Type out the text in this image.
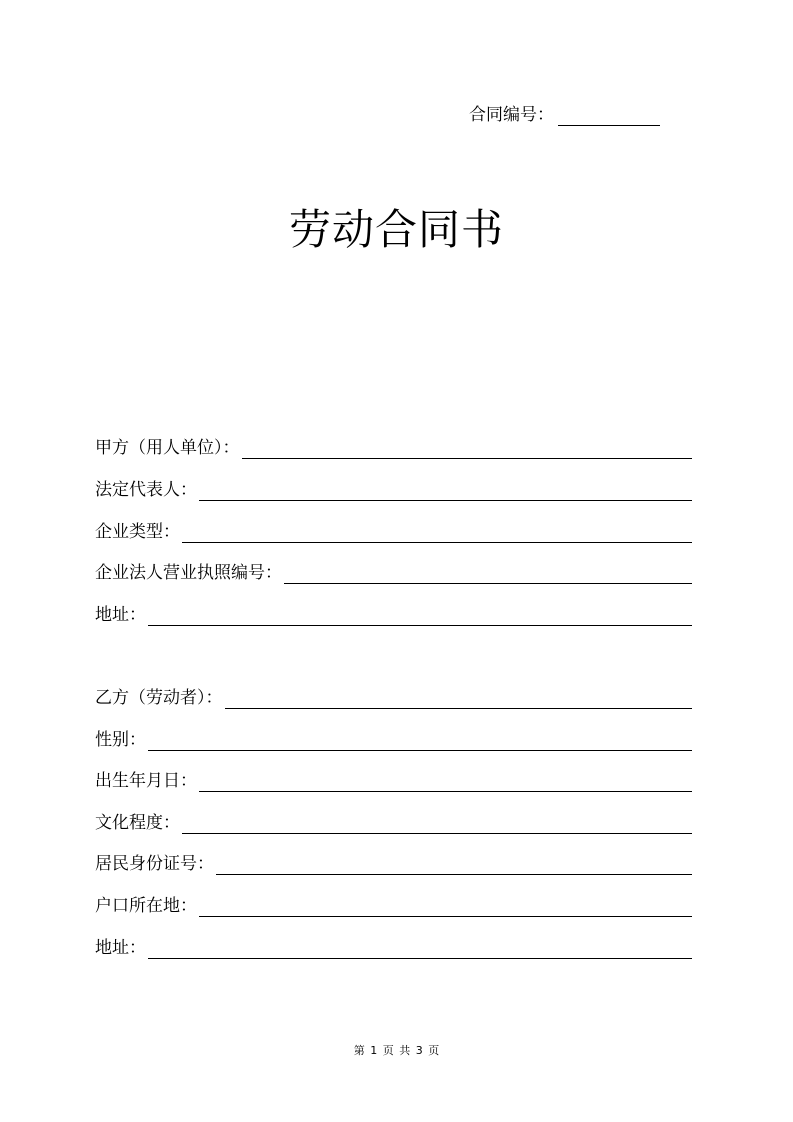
合同编号：
劳动合同书
甲方（用人单位）：
法定代表人：
企业类型：
企业法人营业执照编号：
地址：
乙方（劳动者）：
性别：
出生年月日：
文化程度：
居民身份证号：
户口所在地：
地址：
第 1 页 共 3 页
